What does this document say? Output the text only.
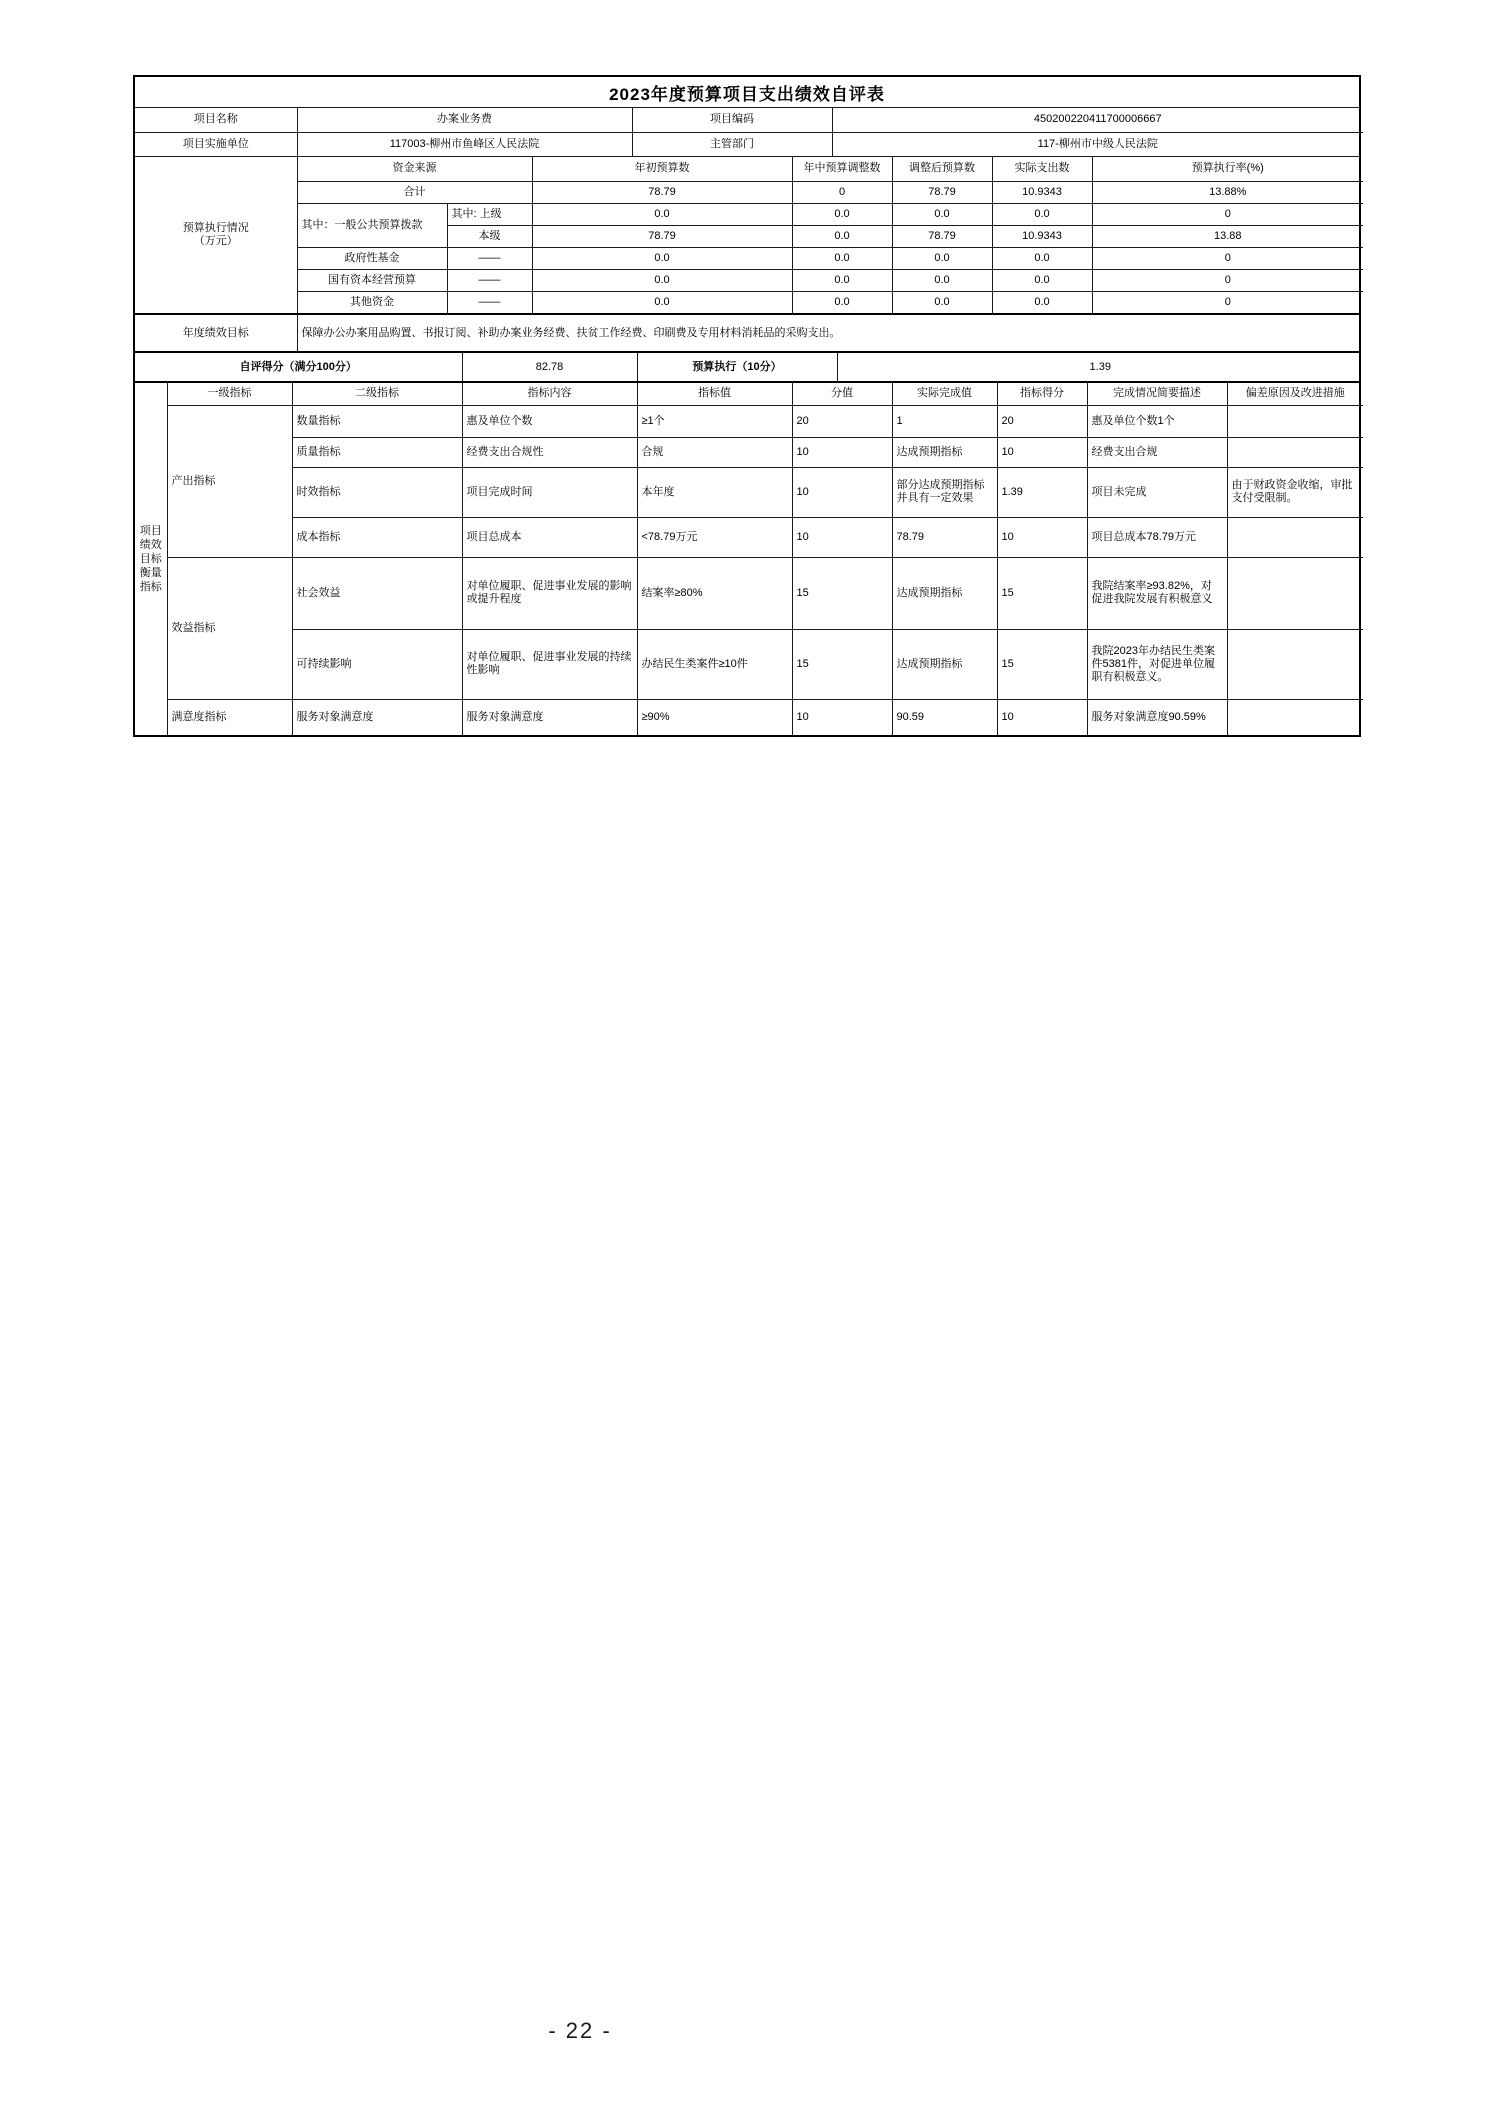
2023年度预算项目支出绩效自评表
项目名称	办案业务费	项目编码	450200220411700006667
项目实施单位	117003-柳州市鱼峰区人民法院	主管部门	117-柳州市中级人民法院
预算执行情况
（万元）	资金来源		年初预算数	年中预算调整数	调整后预算数	实际支出数	预算执行率(%)
	合计		78.79	0	78.79	10.9343	13.88%
	其中：一般公共预算拨款	其中: 上级	0.0	0.0	0.0	0.0	0
		本级	78.79	0.0	78.79	10.9343	13.88
	政府性基金	——	0.0	0.0	0.0	0.0	0
	国有资本经营预算	——	0.0	0.0	0.0	0.0	0
	其他资金	——	0.0	0.0	0.0	0.0	0
年度绩效目标	保障办公办案用品购置、书报订阅、补助办案业务经费、扶贫工作经费、印刷费及专用材料消耗品的采购支出。
自评得分（满分100分）	82.78	预算执行（10分）	1.39
项目绩效目标衡量指标	一级指标	二级指标	指标内容	指标值	分值	实际完成值	指标得分	完成情况简要描述	偏差原因及改进措施
	产出指标	数量指标	惠及单位个数	≥1个	20	1	20	惠及单位个数1个	
		质量指标	经费支出合规性	合规	10	达成预期指标	10	经费支出合规	
		时效指标	项目完成时间	本年度	10	部分达成预期指标并具有一定效果	1.39	项目未完成	由于财政资金收缩，审批支付受限制。
		成本指标	项目总成本	<78.79万元	10	78.79	10	项目总成本78.79万元	
	效益指标	社会效益	对单位履职、促进事业发展的影响或提升程度	结案率≥80%	15	达成预期指标	15	我院结案率≥93.82%，对促进我院发展有积极意义	
		可持续影响	对单位履职、促进事业发展的持续性影响	办结民生类案件≥10件	15	达成预期指标	15	我院2023年办结民生类案件5381件，对促进单位履职有积极意义。	
	满意度指标	服务对象满意度	服务对象满意度	≥90%	10	90.59	10	服务对象满意度90.59%	
- 22 -
